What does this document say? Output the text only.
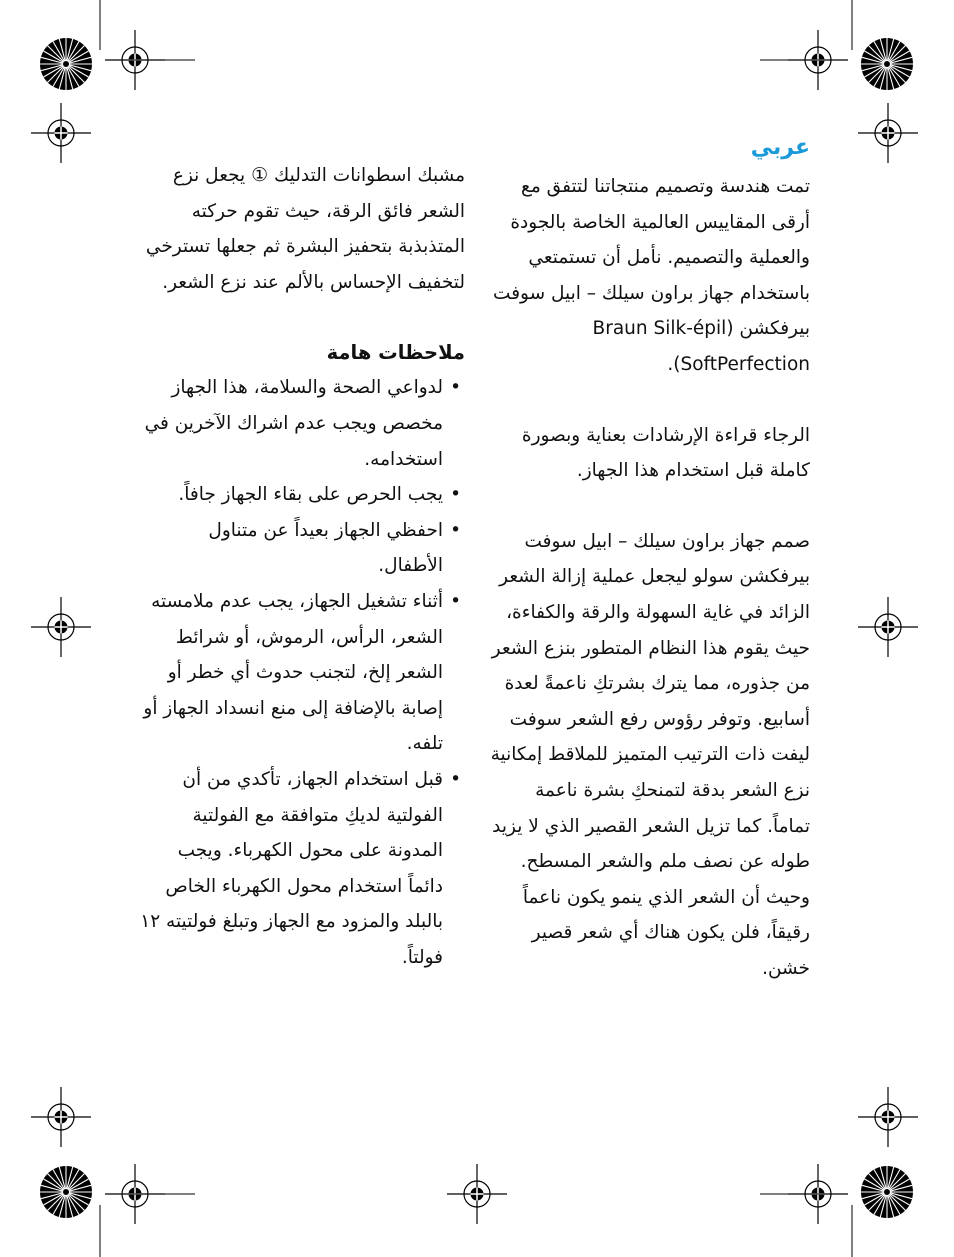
عربي

تمت هندسة وتصميم منتجاتنا لتتفق مع أرقى المقاييس العالمية الخاصة بالجودة والعملية والتصميم. نأمل أن تستمتعي باستخدام جهاز براون سيلك – ابيل سوفت بيرفكشن (Braun Silk-épil SoftPerfection).

الرجاء قراءة الإرشادات بعناية وبصورة كاملة قبل استخدام هذا الجهاز.

صمم جهاز براون سيلك – ابيل سوفت بيرفكشن سولو ليجعل عملية إزالة الشعر الزائد في غاية السهولة والرقة والكفاءة، حيث يقوم هذا النظام المتطور بنزع الشعر من جذوره، مما يترك بشرتكِ ناعمةً لعدة أسابيع. وتوفر رؤوس رفع الشعر سوفت ليفت ذات الترتيب المتميز للملاقط إمكانية نزع الشعر بدقة لتمنحكِ بشرة ناعمة تماماً. كما تزيل الشعر القصير الذي لا يزيد طوله عن نصف ملم والشعر المسطح. وحيث أن الشعر الذي ينمو يكون ناعماً رقيقاً، فلن يكون هناك أي شعر قصير خشن.

مشبك اسطوانات التدليك ① يجعل نزع الشعر فائق الرقة، حيث تقوم حركته المتذبذبة بتحفيز البشرة ثم جعلها تسترخي لتخفيف الإحساس بالألم عند نزع الشعر.

ملاحظات هامة
• لدواعي الصحة والسلامة، هذا الجهاز مخصص ويجب عدم اشراك الآخرين في استخدامه.
• يجب الحرص على بقاء الجهاز جافاً.
• احفظي الجهاز بعيداً عن متناول الأطفال.
• أثناء تشغيل الجهاز، يجب عدم ملامسته الشعر، الرأس، الرموش، أو شرائط الشعر إلخ، لتجنب حدوث أي خطر أو إصابة بالإضافة إلى منع انسداد الجهاز أو تلفه.
• قبل استخدام الجهاز، تأكدي من أن الفولتية لديكِ متوافقة مع الفولتية المدونة على محول الكهرباء. ويجب دائماً استخدام محول الكهرباء الخاص بالبلد والمزود مع الجهاز وتبلغ فولتيته ١٢ فولتاً.
